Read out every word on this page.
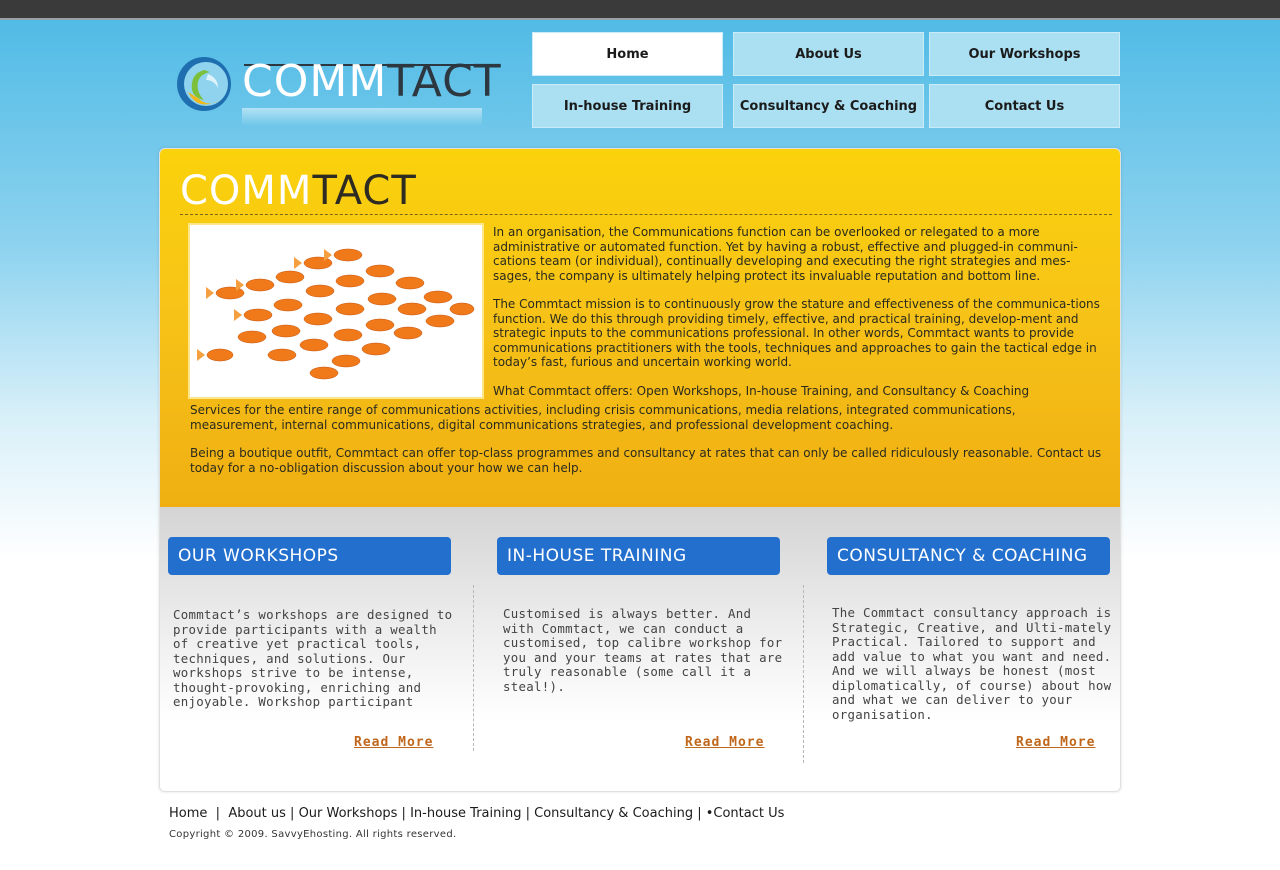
COMMTACT
Home	About Us	Our Workshops
In-house Training	Consultancy & Coaching	Contact Us
COMMTACT

In an organisation, the Communications function can be overlooked or relegated to a more administrative or automated function. Yet by having a robust, effective and plugged-in communi-cations team (or individual), continually developing and executing the right strategies and mes-sages, the company is ultimately helping protect its invaluable reputation and bottom line.

The Commtact mission is to continuously grow the stature and effectiveness of the communica-tions function. We do this through providing timely, effective, and practical training, develop-ment and strategic inputs to the communications professional. In other words, Commtact wants to provide communications practitioners with the tools, techniques and approaches to gain the tactical edge in today’s fast, furious and uncertain working world.

What Commtact offers: Open Workshops, In-house Training, and Consultancy & Coaching

Services for the entire range of communications activities, including crisis communications, media relations, integrated communications, measurement, internal communications, digital communications strategies, and professional development coaching.

Being a boutique outfit, Commtact can offer top-class programmes and consultancy at rates that can only be called ridiculously reasonable. Contact us today for a no-obligation discussion about your how we can help.

OUR WORKSHOPS	IN-HOUSE TRAINING	CONSULTANCY & COACHING

Commtact’s workshops are designed to provide participants with a wealth of creative yet practical tools, techniques, and solutions. Our workshops strive to be intense, thought-provoking, enriching and enjoyable. Workshop participant

Customised is always better. And with Commtact, we can conduct a customised, top calibre workshop for you and your teams at rates that are truly reasonable (some call it a steal!).

The Commtact consultancy approach is Strategic, Creative, and Ulti-mately Practical. Tailored to support and add value to what you want and need. And we will always be honest (most diplomatically, of course) about how and what we can deliver to your organisation.

Read More	Read More	Read More
Home  |  About us | Our Workshops | In-house Training | Consultancy & Coaching | •Contact Us
Copyright © 2009. SavvyEhosting. All rights reserved.
